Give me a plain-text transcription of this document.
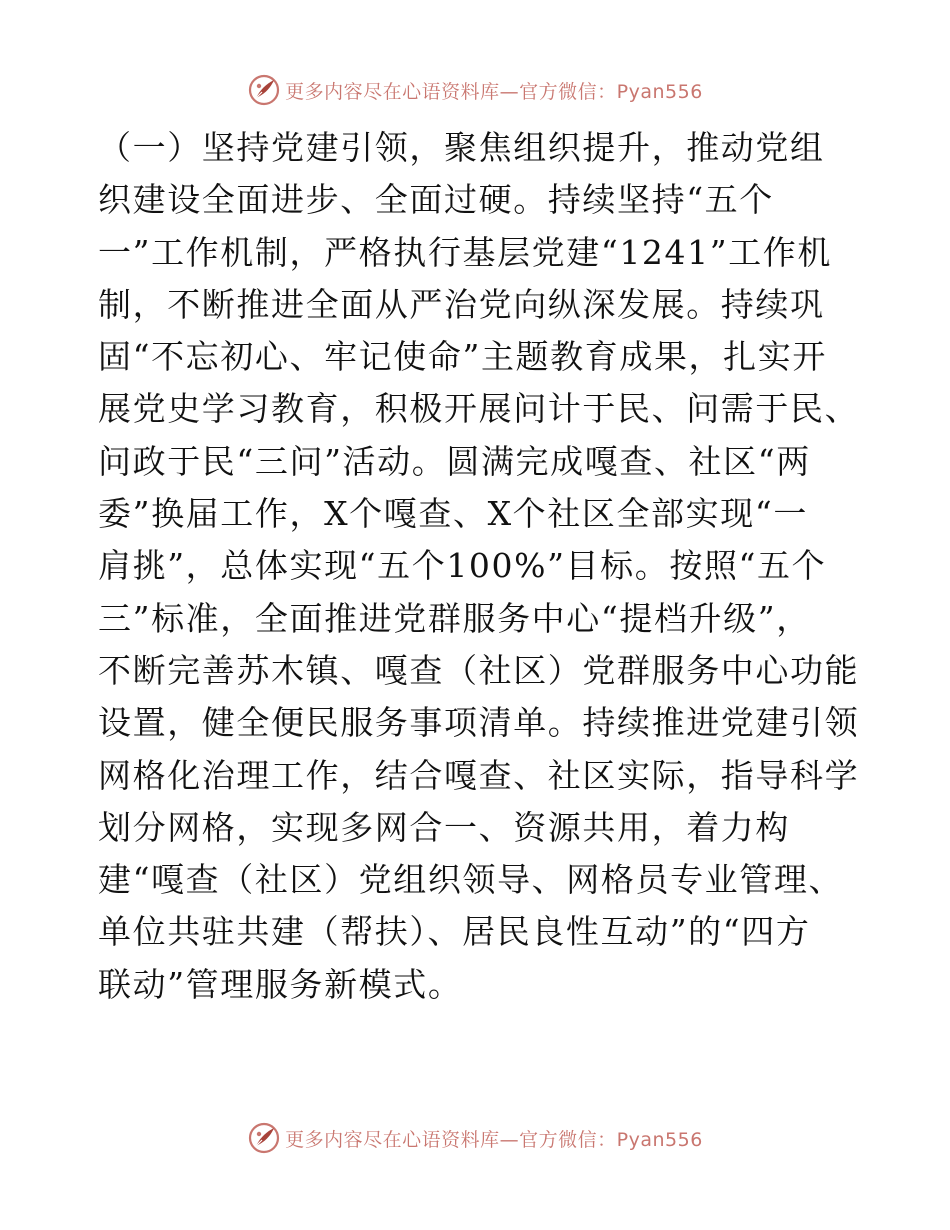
更多内容尽在心语资料库—官方微信：Pyan556
（一）坚持党建引领，聚焦组织提升，推动党组
织建设全面进步、全面过硬。持续坚持“五个
一”工作机制，严格执行基层党建“1241”工作机
制，不断推进全面从严治党向纵深发展。持续巩
固“不忘初心、牢记使命”主题教育成果，扎实开
展党史学习教育，积极开展问计于民、问需于民、
问政于民“三问”活动。圆满完成嘎查、社区“两
委”换届工作，X个嘎查、X个社区全部实现“一
肩挑”，总体实现“五个100%”目标。按照“五个
三”标准，全面推进党群服务中心“提档升级”，
不断完善苏木镇、嘎查（社区）党群服务中心功能
设置，健全便民服务事项清单。持续推进党建引领
网格化治理工作，结合嘎查、社区实际，指导科学
划分网格，实现多网合一、资源共用，着力构
建“嘎查（社区）党组织领导、网格员专业管理、
单位共驻共建（帮扶）、居民良性互动”的“四方
联动”管理服务新模式。
更多内容尽在心语资料库—官方微信：Pyan556
